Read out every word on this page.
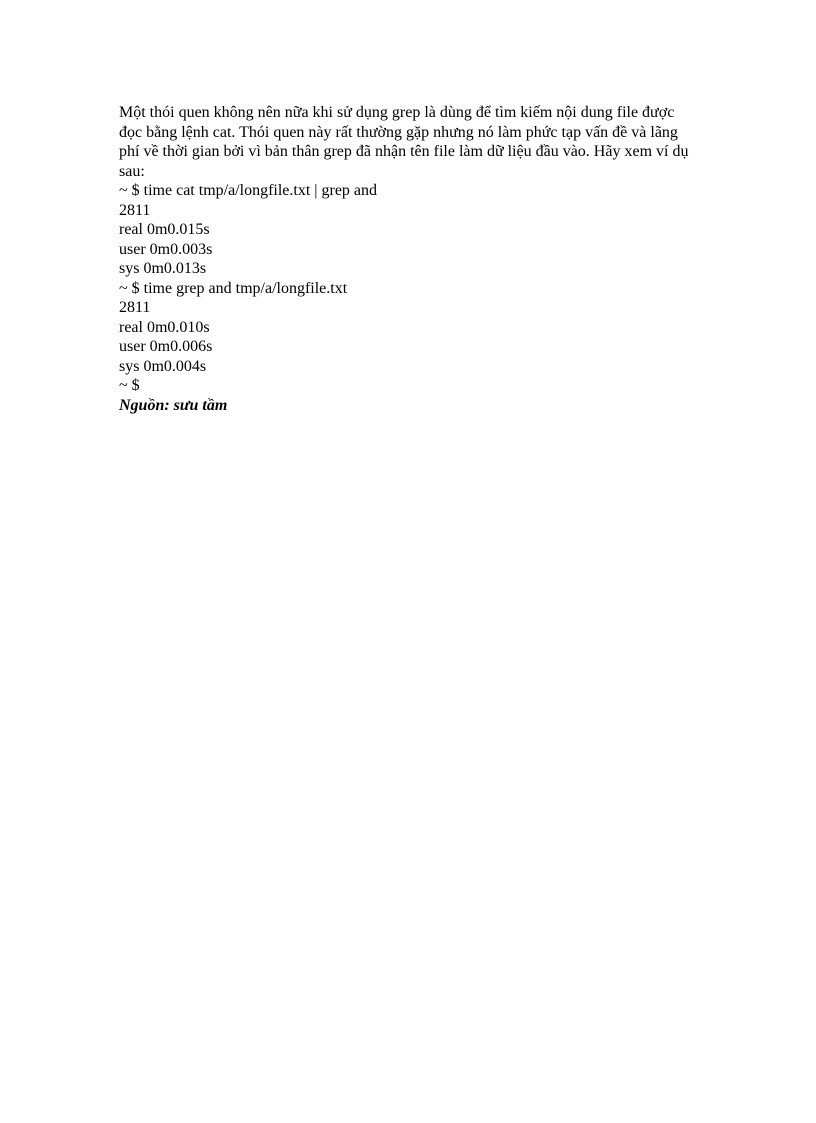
Một thói quen không nên nữa khi sử dụng grep là dùng để tìm kiếm nội dung file được
đọc bằng lệnh cat. Thói quen này rất thường gặp nhưng nó làm phức tạp vấn đề và lãng
phí về thời gian bởi vì bản thân grep đã nhận tên file làm dữ liệu đầu vào. Hãy xem ví dụ
sau:

~ $ time cat tmp/a/longfile.txt | grep and
2811
real 0m0.015s
user 0m0.003s
sys 0m0.013s
~ $ time grep and tmp/a/longfile.txt
2811
real 0m0.010s
user 0m0.006s
sys 0m0.004s
~ $
Nguồn: sưu tầm
